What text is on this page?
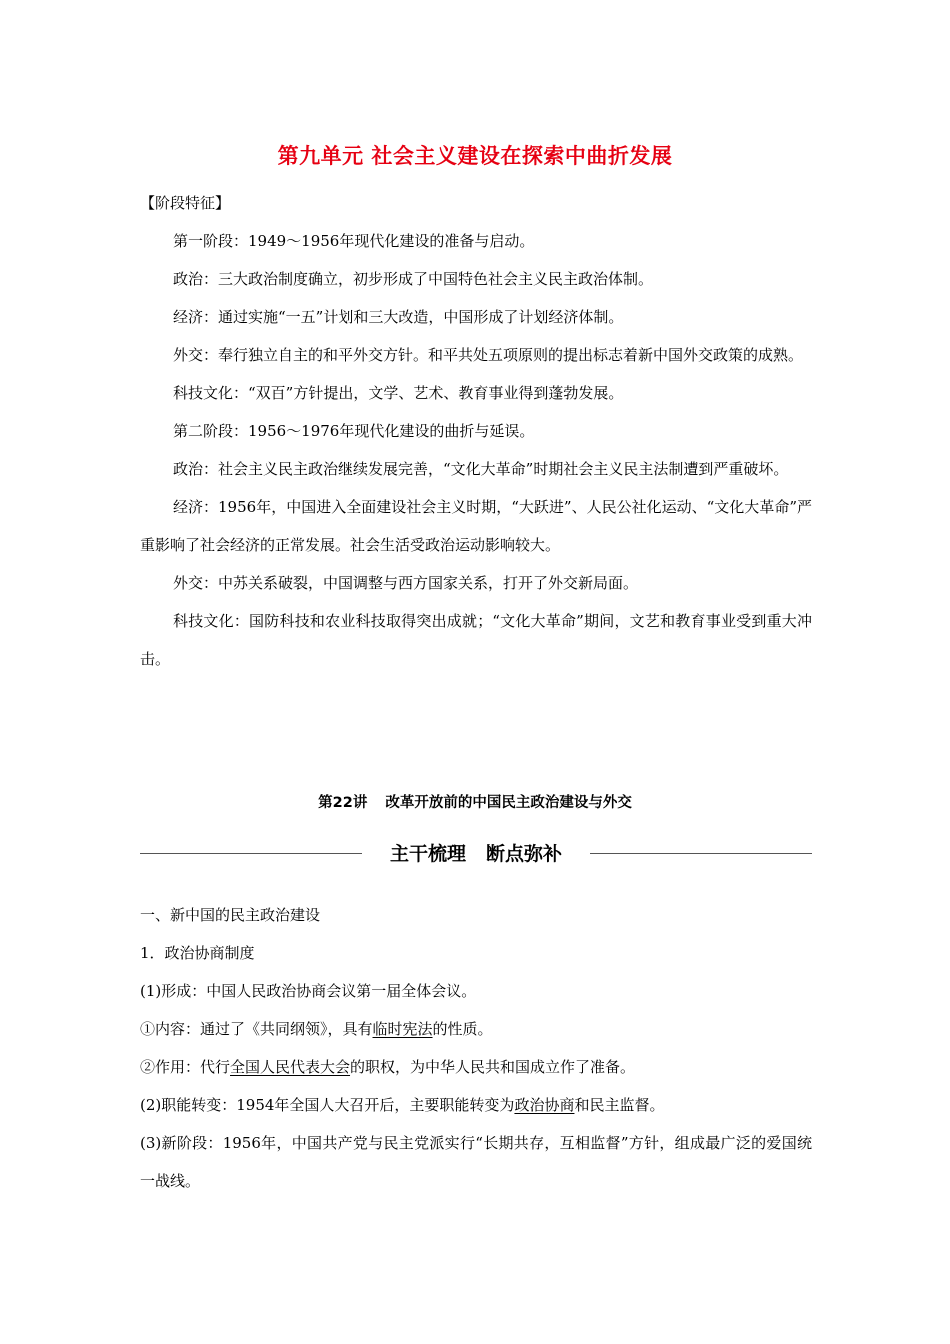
第九单元 社会主义建设在探索中曲折发展

【阶段特征】

第一阶段：1949～1956年现代化建设的准备与启动。

政治：三大政治制度确立，初步形成了中国特色社会主义民主政治体制。

经济：通过实施“一五”计划和三大改造，中国形成了计划经济体制。

外交：奉行独立自主的和平外交方针。和平共处五项原则的提出标志着新中国外交政策的成熟。

科技文化：“双百”方针提出，文学、艺术、教育事业得到蓬勃发展。

第二阶段：1956～1976年现代化建设的曲折与延误。

政治：社会主义民主政治继续发展完善，“文化大革命”时期社会主义民主法制遭到严重破坏。

经济：1956年，中国进入全面建设社会主义时期，“大跃进”、人民公社化运动、“文化大革命”严重影响了社会经济的正常发展。社会生活受政治运动影响较大。

外交：中苏关系破裂，中国调整与西方国家关系，打开了外交新局面。

科技文化：国防科技和农业科技取得突出成就；“文化大革命”期间，文艺和教育事业受到重大冲击。

第22讲 改革开放前的中国民主政治建设与外交
主干梳理 断点弥补

一、新中国的民主政治建设

1．政治协商制度

(1)形成：中国人民政治协商会议第一届全体会议。

①内容：通过了《共同纲领》，具有临时宪法的性质。

②作用：代行全国人民代表大会的职权，为中华人民共和国成立作了准备。

(2)职能转变：1954年全国人大召开后，主要职能转变为政治协商和民主监督。

(3)新阶段：1956年，中国共产党与民主党派实行“长期共存，互相监督”方针，组成最广泛的爱国统一战线。
